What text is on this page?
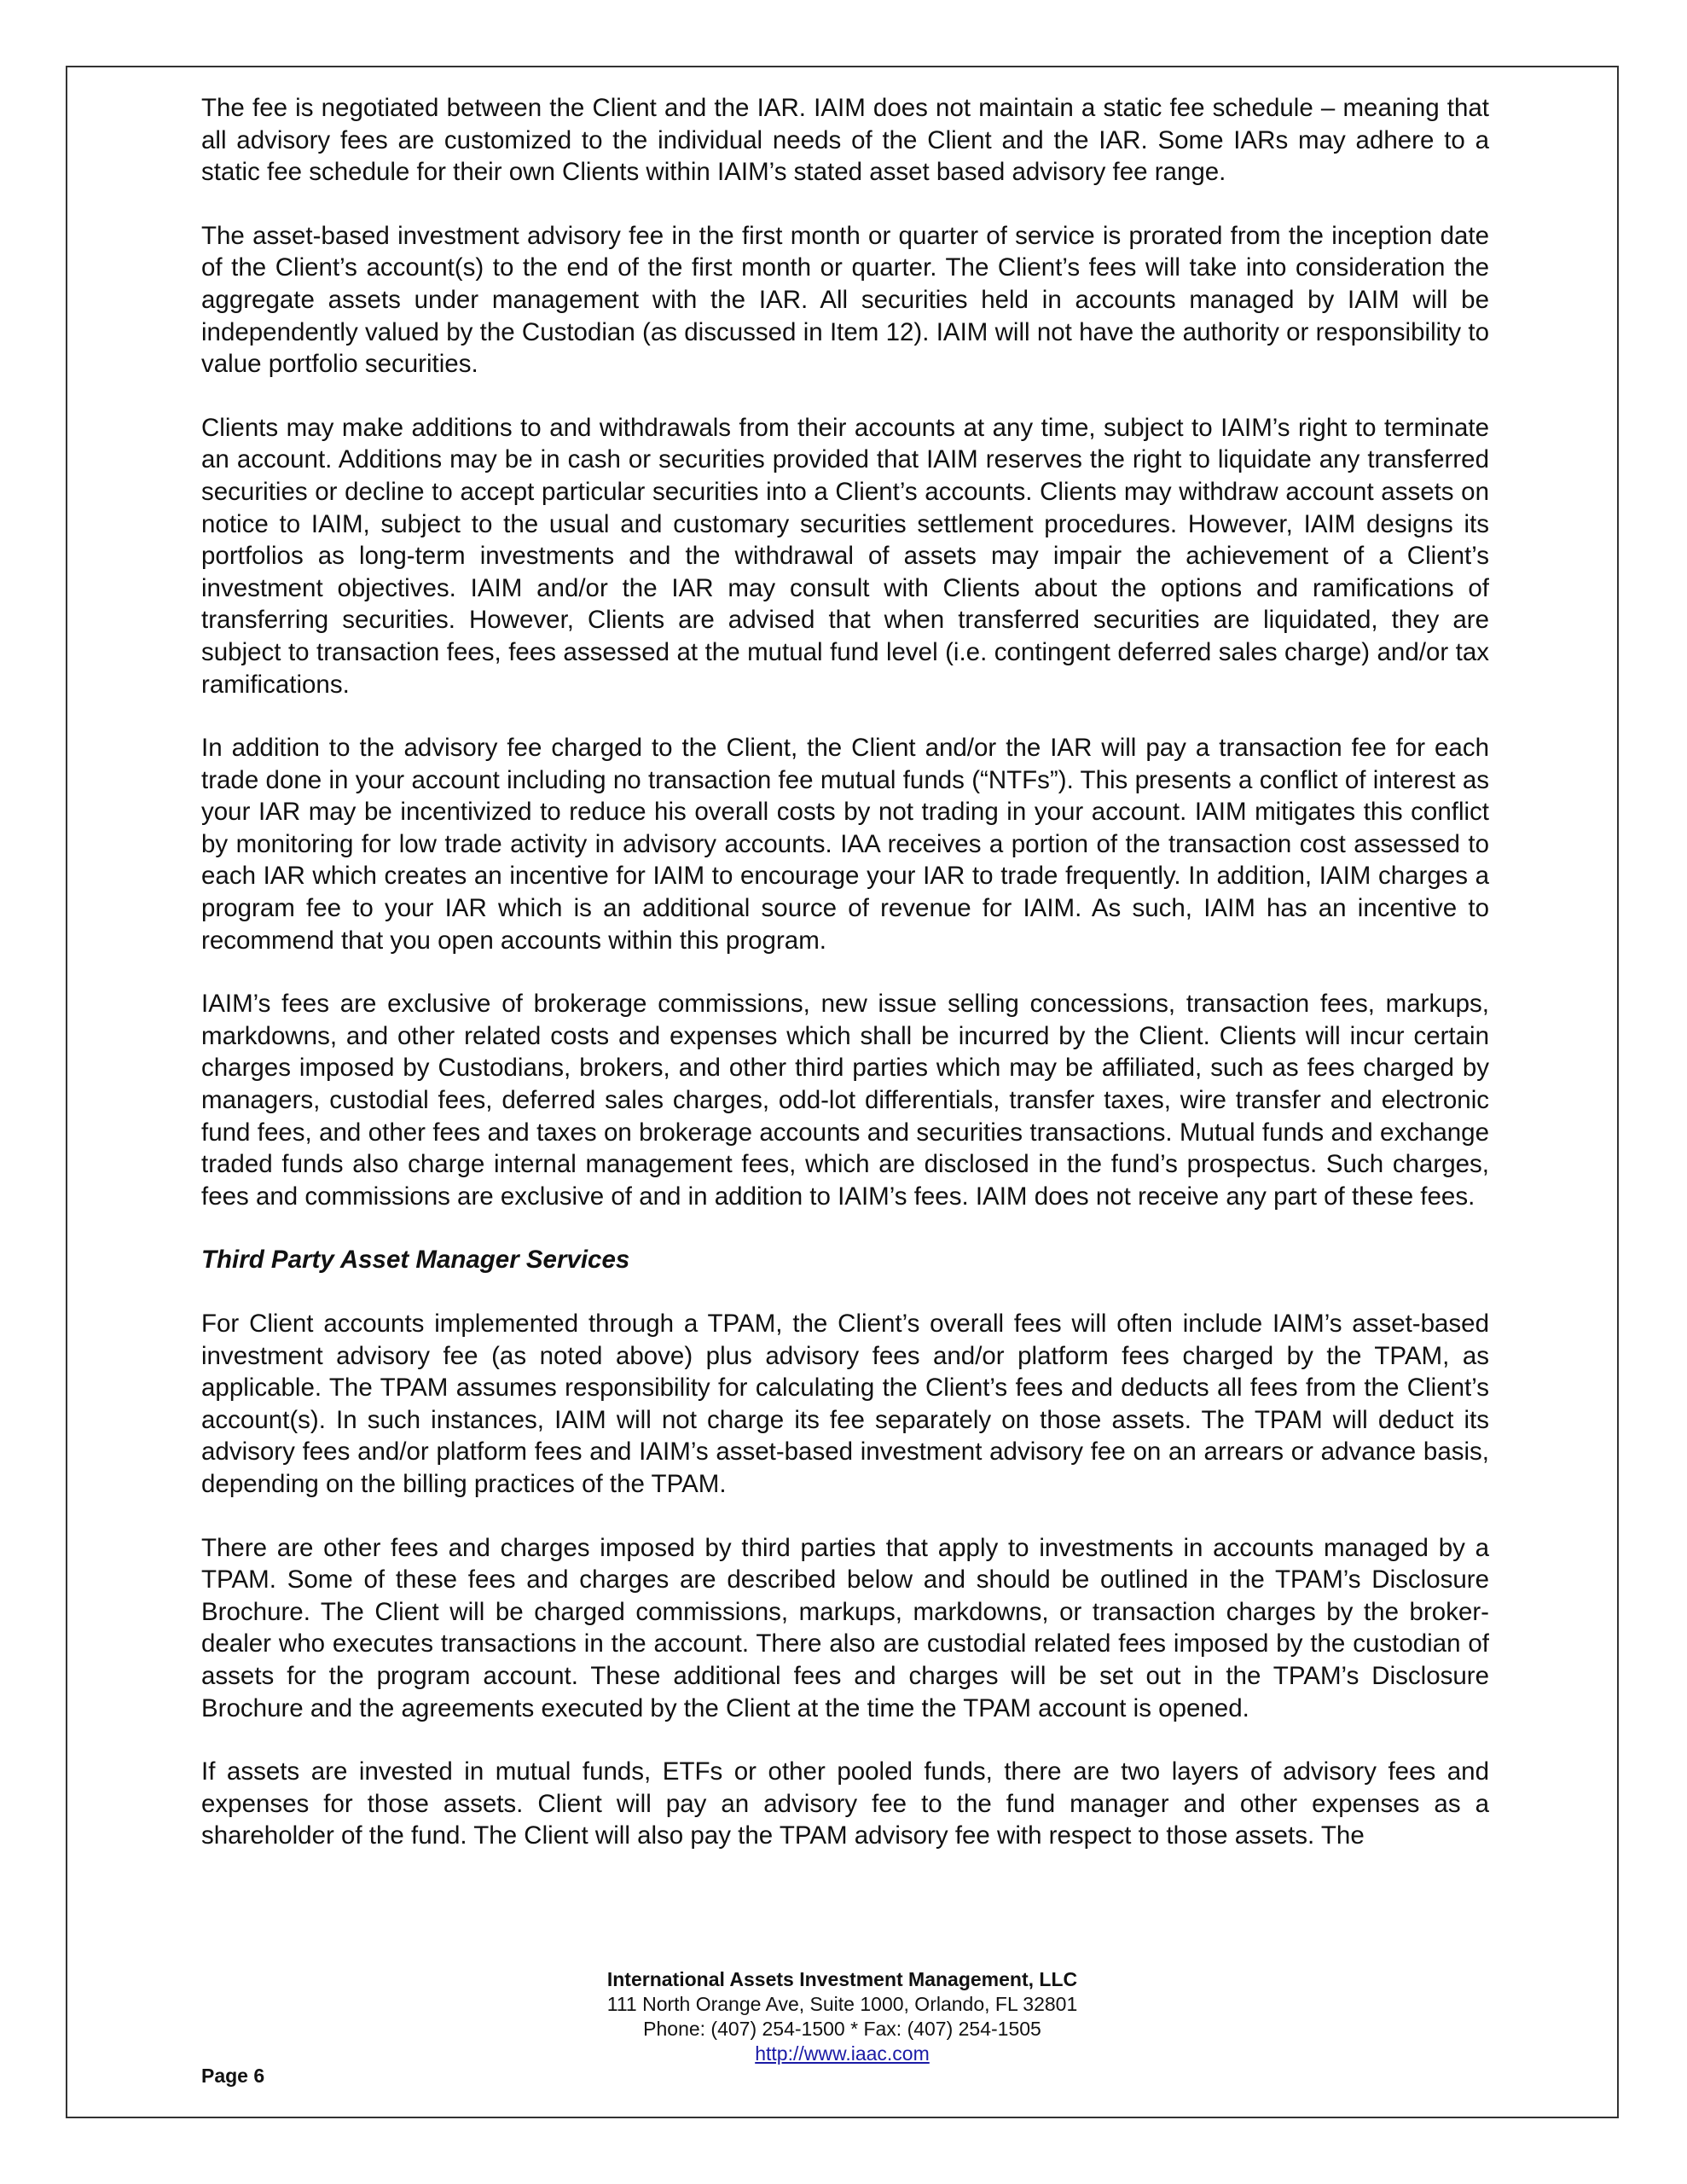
The fee is negotiated between the Client and the IAR. IAIM does not maintain a static fee schedule – meaning that all advisory fees are customized to the individual needs of the Client and the IAR. Some IARs may adhere to a static fee schedule for their own Clients within IAIM’s stated asset based advisory fee range.

The asset-based investment advisory fee in the first month or quarter of service is prorated from the inception date of the Client’s account(s) to the end of the first month or quarter. The Client’s fees will take into consideration the aggregate assets under management with the IAR. All securities held in accounts managed by IAIM will be independently valued by the Custodian (as discussed in Item 12). IAIM will not have the authority or responsibility to value portfolio securities.

Clients may make additions to and withdrawals from their accounts at any time, subject to IAIM’s right to terminate an account. Additions may be in cash or securities provided that IAIM reserves the right to liquidate any transferred securities or decline to accept particular securities into a Client’s accounts. Clients may withdraw account assets on notice to IAIM, subject to the usual and customary securities settlement procedures. However, IAIM designs its portfolios as long-term investments and the withdrawal of assets may impair the achievement of a Client’s investment objectives. IAIM and/or the IAR may consult with Clients about the options and ramifications of transferring securities. However, Clients are advised that when transferred securities are liquidated, they are subject to transaction fees, fees assessed at the mutual fund level (i.e. contingent deferred sales charge) and/or tax ramifications.

In addition to the advisory fee charged to the Client, the Client and/or the IAR will pay a transaction fee for each trade done in your account including no transaction fee mutual funds (“NTFs”). This presents a conflict of interest as your IAR may be incentivized to reduce his overall costs by not trading in your account. IAIM mitigates this conflict by monitoring for low trade activity in advisory accounts. IAA receives a portion of the transaction cost assessed to each IAR which creates an incentive for IAIM to encourage your IAR to trade frequently. In addition, IAIM charges a program fee to your IAR which is an additional source of revenue for IAIM. As such, IAIM has an incentive to recommend that you open accounts within this program.

IAIM’s fees are exclusive of brokerage commissions, new issue selling concessions, transaction fees, markups, markdowns, and other related costs and expenses which shall be incurred by the Client. Clients will incur certain charges imposed by Custodians, brokers, and other third parties which may be affiliated, such as fees charged by managers, custodial fees, deferred sales charges, odd-lot differentials, transfer taxes, wire transfer and electronic fund fees, and other fees and taxes on brokerage accounts and securities transactions. Mutual funds and exchange traded funds also charge internal management fees, which are disclosed in the fund’s prospectus. Such charges, fees and commissions are exclusive of and in addition to IAIM’s fees. IAIM does not receive any part of these fees.

Third Party Asset Manager Services

For Client accounts implemented through a TPAM, the Client’s overall fees will often include IAIM’s asset-based investment advisory fee (as noted above) plus advisory fees and/or platform fees charged by the TPAM, as applicable. The TPAM assumes responsibility for calculating the Client’s fees and deducts all fees from the Client’s account(s). In such instances, IAIM will not charge its fee separately on those assets. The TPAM will deduct its advisory fees and/or platform fees and IAIM’s asset-based investment advisory fee on an arrears or advance basis, depending on the billing practices of the TPAM.

There are other fees and charges imposed by third parties that apply to investments in accounts managed by a TPAM. Some of these fees and charges are described below and should be outlined in the TPAM’s Disclosure Brochure. The Client will be charged commissions, markups, markdowns, or transaction charges by the broker-dealer who executes transactions in the account. There also are custodial related fees imposed by the custodian of assets for the program account. These additional fees and charges will be set out in the TPAM’s Disclosure Brochure and the agreements executed by the Client at the time the TPAM account is opened.

If assets are invested in mutual funds, ETFs or other pooled funds, there are two layers of advisory fees and expenses for those assets. Client will pay an advisory fee to the fund manager and other expenses as a shareholder of the fund. The Client will also pay the TPAM advisory fee with respect to those assets. The

International Assets Investment Management, LLC
111 North Orange Ave, Suite 1000, Orlando, FL 32801
Phone: (407) 254-1500 * Fax: (407) 254-1505
http://www.iaac.com
Page 6
